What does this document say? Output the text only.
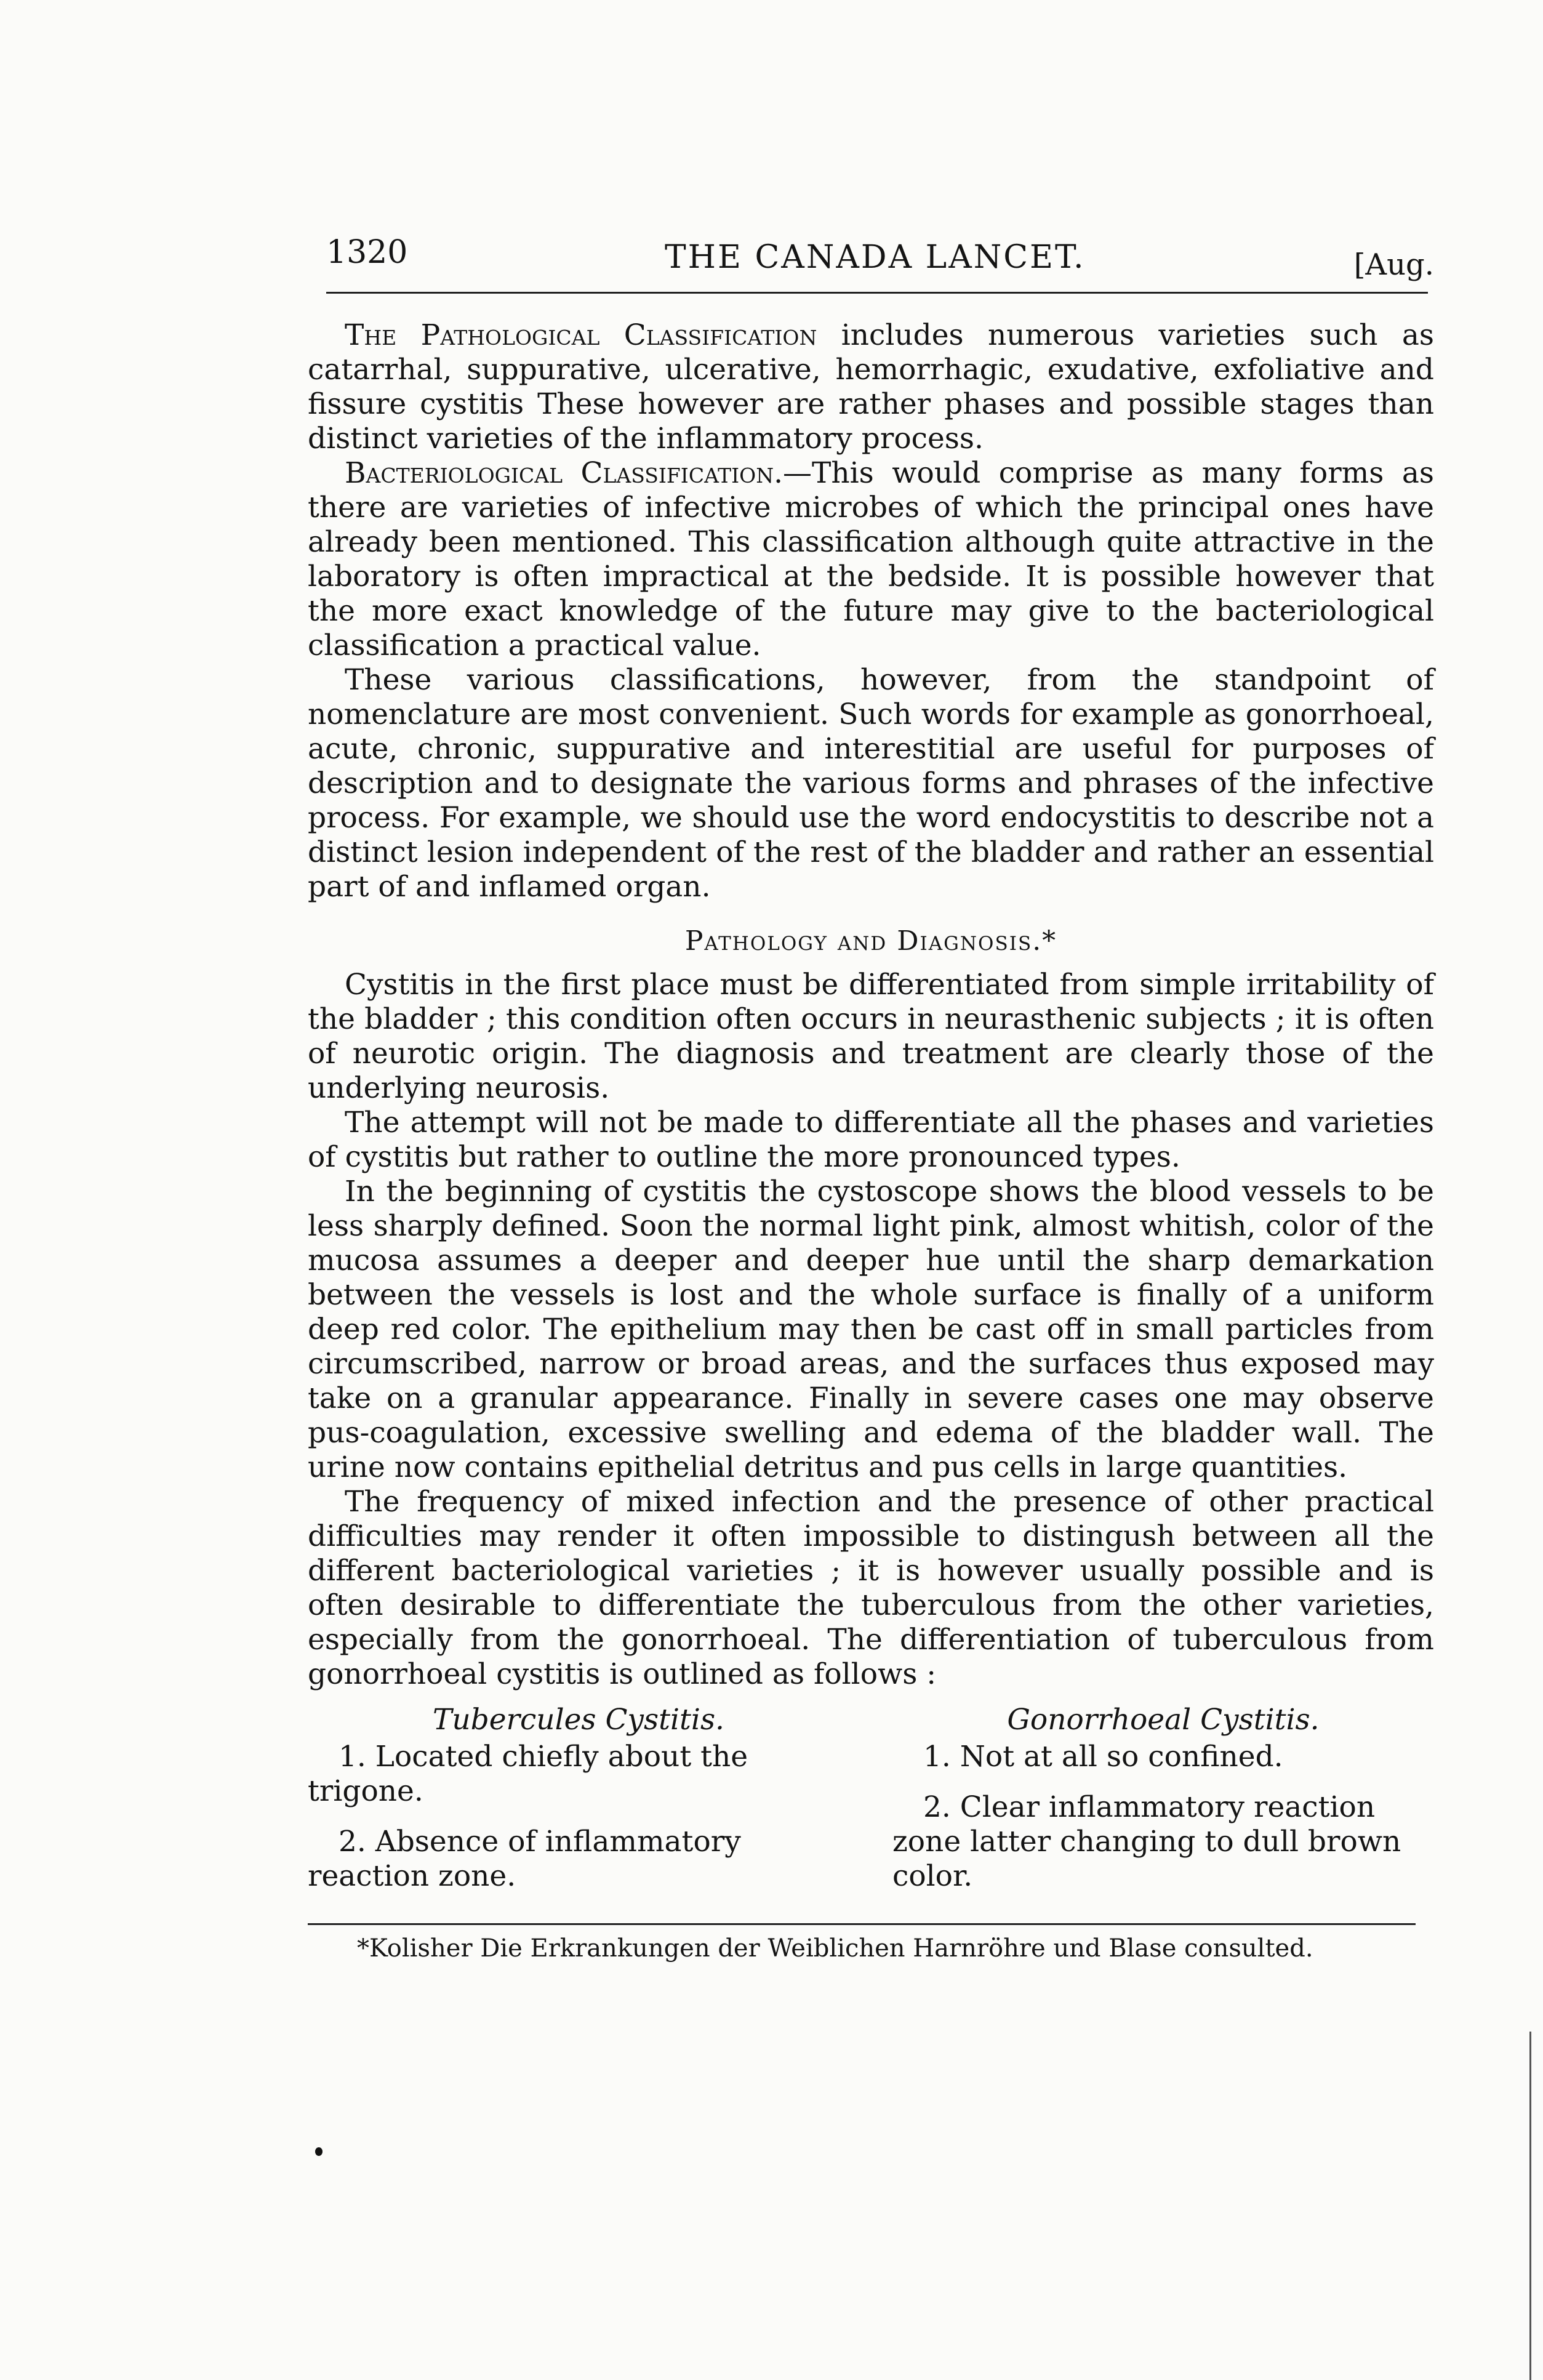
1320	THE CANADA LANCET.	[Aug.

The Pathological Classification includes numerous varieties such as catarrhal, suppurative, ulcerative, hemorrhagic, exudative, exfoliative and fissure cystitis These however are rather phases and possible stages than distinct varieties of the inflammatory process.

Bacteriological Classification.—This would comprise as many forms as there are varieties of infective microbes of which the principal ones have already been mentioned. This classification although quite attractive in the laboratory is often impractical at the bedside. It is possible however that the more exact knowledge of the future may give to the bacteriological classification a practical value.

These various classifications, however, from the standpoint of nomenclature are most convenient. Such words for example as gonorrhoeal, acute, chronic, suppurative and interestitial are useful for purposes of description and to designate the various forms and phrases of the infective process. For example, we should use the word endocystitis to describe not a distinct lesion independent of the rest of the bladder and rather an essential part of and inflamed organ.

Pathology and Diagnosis.*

Cystitis in the first place must be differentiated from simple irritability of the bladder ; this condition often occurs in neurasthenic subjects ; it is often of neurotic origin. The diagnosis and treatment are clearly those of the underlying neurosis.

The attempt will not be made to differentiate all the phases and varieties of cystitis but rather to outline the more pronounced types.

In the beginning of cystitis the cystoscope shows the blood vessels to be less sharply defined. Soon the normal light pink, almost whitish, color of the mucosa assumes a deeper and deeper hue until the sharp demarkation between the vessels is lost and the whole surface is finally of a uniform deep red color. The epithelium may then be cast off in small particles from circumscribed, narrow or broad areas, and the surfaces thus exposed may take on a granular appearance. Finally in severe cases one may observe pus-coagulation, excessive swelling and edema of the bladder wall. The urine now contains epithelial detritus and pus cells in large quantities.

The frequency of mixed infection and the presence of other practical difficulties may render it often impossible to distingush between all the different bacteriological varieties ; it is however usually possible and is often desirable to differentiate the tuberculous from the other varieties, especially from the gonorrhoeal. The differentiation of tuberculous from gonorrhoeal cystitis is outlined as follows :

Tubercules Cystitis.
1. Located chiefly about the trigone.
2. Absence of inflammatory reaction zone.
Gonorrhoeal Cystitis.
1. Not at all so confined.
2. Clear inflammatory reaction zone latter changing to dull brown color.
*Kolisher Die Erkrankungen der Weiblichen Harnröhre und Blase consulted.
